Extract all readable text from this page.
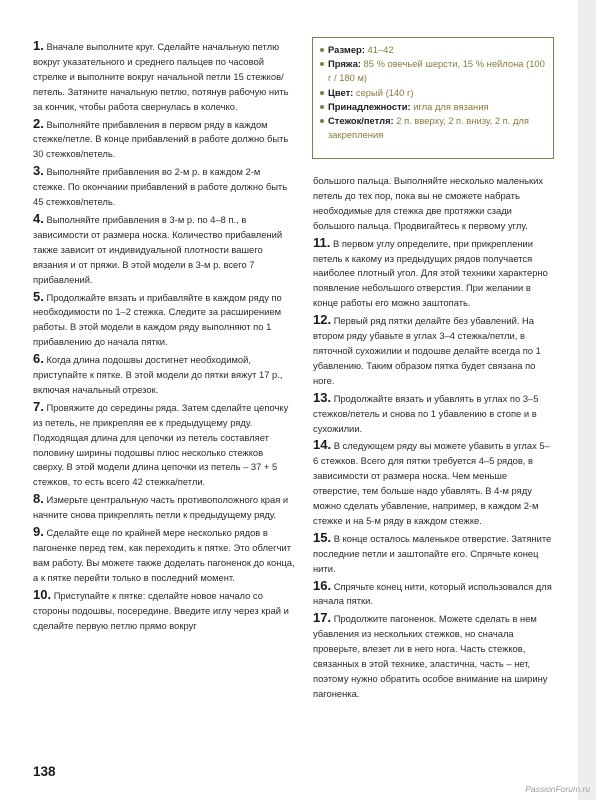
Размер: 41–42
Пряжа: 85 % овечьей шерсти, 15 % нейлона (100 г / 180 м)
Цвет: серый (140 г)
Принадлежности: игла для вязания
Стежок/петля: 2 п. вверху, 2 п. внизу, 2 п. для закрепления
1. Вначале выполните круг. Сделайте начальную петлю вокруг указательного и среднего пальцев по часовой стрелке и выполните вокруг начальной петли 15 стежков/петель. Затяните начальную петлю, потянув рабочую нить за кончик, чтобы работа свернулась в колечко.
2. Выполняйте прибавления в первом ряду в каждом стежке/петле. В конце прибавлений в работе должно быть 30 стежков/петель.
3. Выполняйте прибавления во 2-м р. в каждом 2-м стежке. По окончании прибавлений в работе должно быть 45 стежков/петель.
4. Выполняйте прибавления в 3-м р. по 4–8 п., в зависимости от размера носка. Количество прибавлений также зависит от индивидуальной плотности вашего вязания и от пряжи. В этой модели в 3-м р. всего 7 прибавлений.
5. Продолжайте вязать и прибавляйте в каждом ряду по необходимости по 1–2 стежка. Следите за расширением работы. В этой модели в каждом ряду выполняют по 1 прибавлению до начала пятки.
6. Когда длина подошвы достигнет необходимой, приступайте к пятке. В этой модели до пятки вяжут 17 р., включая начальный отрезок.
7. Провяжите до середины ряда. Затем сделайте цепочку из петель, не прикрепляя ее к предыдущему ряду. Подходящая длина для цепочки из петель составляет половину ширины подошвы плюс несколько стежков сверху. В этой модели длина цепочки из петель – 37 + 5 стежков, то есть всего 42 стежка/петли.
8. Измерьте центральную часть противоположного края и начните снова прикреплять петли к предыдущему ряду.
9. Сделайте еще по крайней мере несколько рядов в пагоненке перед тем, как переходить к пятке. Это облегчит вам работу. Вы можете также доделать пагоненок до конца, а к пятке перейти только в последний момент.
10. Приступайте к пятке: сделайте новое начало со стороны подошвы, посередине. Введите иглу через край и сделайте первую петлю прямо вокруг
большого пальца. Выполняйте несколько маленьких петель до тех пор, пока вы не сможете набрать необходимые для стежка две протяжки сзади большого пальца. Продвигайтесь к первому углу.
11. В первом углу определите, при прикреплении петель к какому из предыдущих рядов получается наиболее плотный угол. Для этой техники характерно появление небольшого отверстия. При желании в конце работы его можно заштопать.
12. Первый ряд пятки делайте без убавлений. На втором ряду убавьте в углах 3–4 стежка/петли, в пяточной сухожилии и подошве делайте всегда по 1 убавлению. Таким образом пятка будет связана по ноге.
13. Продолжайте вязать и убавлять в углах по 3–5 стежков/петель и снова по 1 убавлению в стопе и в сухожилии.
14. В следующем ряду вы можете убавить в углах 5–6 стежков. Всего для пятки требуется 4–5 рядов, в зависимости от размера носка. Чем меньше отверстие, тем больше надо убавлять. В 4-м ряду можно сделать убавление, например, в каждом 2-м стежке и на 5-м ряду в каждом стежке.
15. В конце осталось маленькое отверстие. Затяните последние петли и заштопайте его. Спрячьте конец нити.
16. Спрячьте конец нити, который использовался для начала пятки.
17. Продолжите пагоненок. Можете сделать в нем убавления из нескольких стежков, но сначала проверьте, влезет ли в него нога. Часть стежков, связанных в этой технике, эластична, часть – нет, поэтому нужно обратить особое внимание на ширину пагоненка.
138
PassionForum.ru
